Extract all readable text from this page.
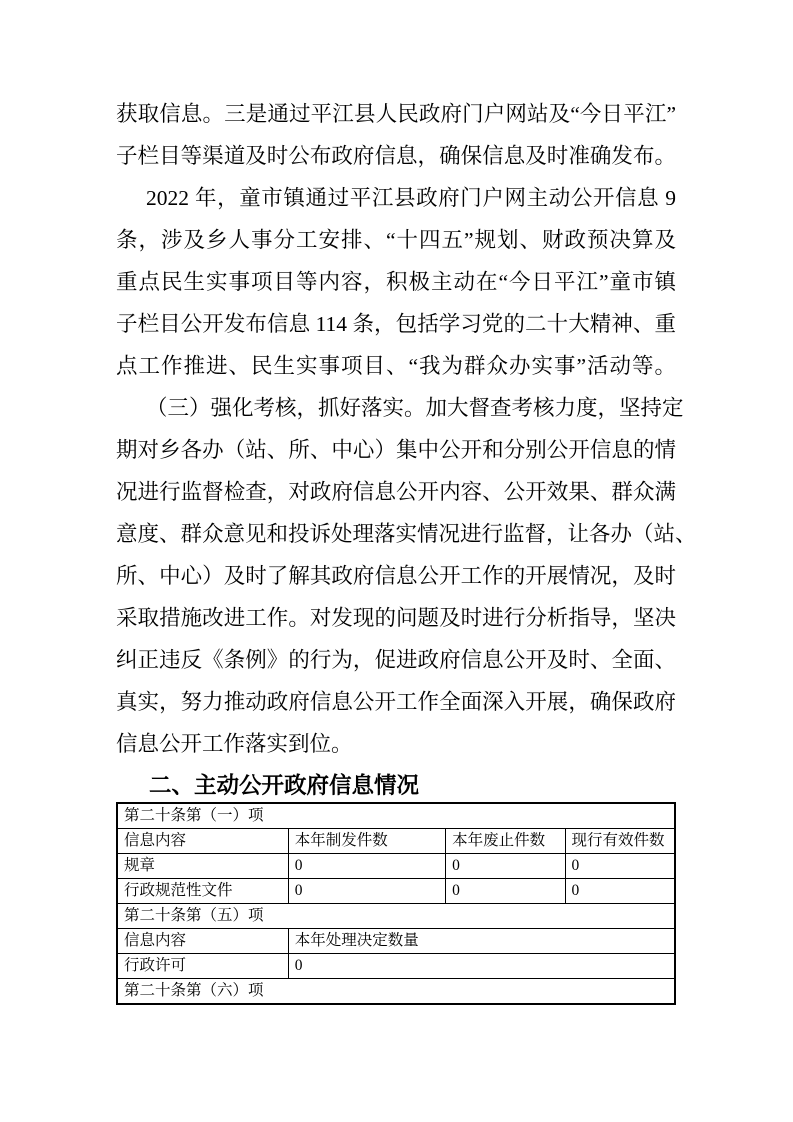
获取信息。三是通过平江县人民政府门户网站及“今日平江”
子栏目等渠道及时公布政府信息，确保信息及时准确发布。
2022 年，童市镇通过平江县政府门户网主动公开信息 9
条，涉及乡人事分工安排、“十四五”规划、财政预决算及
重点民生实事项目等内容，积极主动在“今日平江”童市镇
子栏目公开发布信息 114 条，包括学习党的二十大精神、重
点工作推进、民生实事项目、“我为群众办实事”活动等。
（三）强化考核，抓好落实。加大督查考核力度，坚持定
期对乡各办（站、所、中心）集中公开和分别公开信息的情
况进行监督检查，对政府信息公开内容、公开效果、群众满
意度、群众意见和投诉处理落实情况进行监督，让各办（站、
所、中心）及时了解其政府信息公开工作的开展情况，及时
采取措施改进工作。对发现的问题及时进行分析指导，坚决
纠正违反《条例》的行为，促进政府信息公开及时、全面、
真实，努力推动政府信息公开工作全面深入开展，确保政府
信息公开工作落实到位。
二、主动公开政府信息情况
第二十条第（一）项			
信息内容	本年制发件数	本年废止件数	现行有效件数
规章	0	0	0
行政规范性文件	0	0	0
第二十条第（五）项			
信息内容	本年处理决定数量		
行政许可	0		
第二十条第（六）项			
